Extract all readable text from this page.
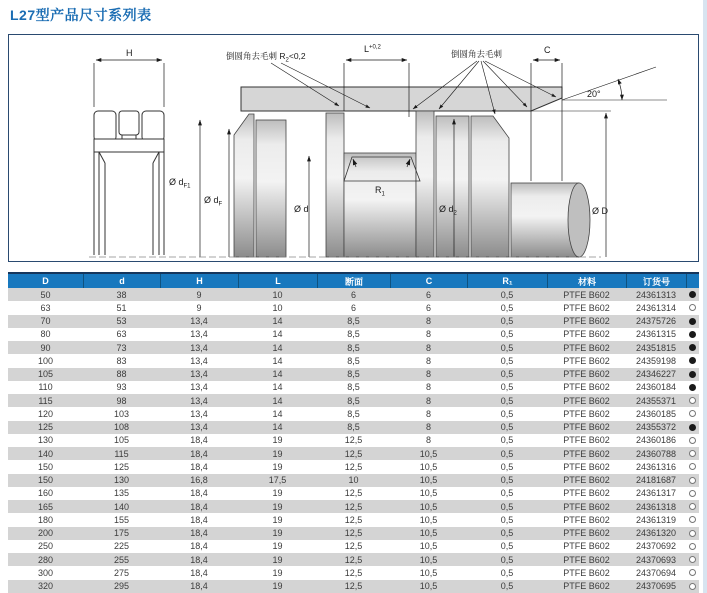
L27型产品尺寸系列表
H
20°
$R_1$
$L^{+0,2}$	C
倒圆角去毛刺 $R_2<0,2$	倒圆角去毛刺
Ø $d_{F1}$
Ø $d_F$	Ø d	Ø $d_2$	Ø D
D	d	H	L	断面	C	R₁	材料	订货号
50	38	9	10	6	6	0,5	PTFE B602	24361313
63	51	9	10	6	6	0,5	PTFE B602	24361314
70	53	13,4	14	8,5	8	0,5	PTFE B602	24375726
80	63	13,4	14	8,5	8	0,5	PTFE B602	24361315
90	73	13,4	14	8,5	8	0,5	PTFE B602	24351815
100	83	13,4	14	8,5	8	0,5	PTFE B602	24359198
105	88	13,4	14	8,5	8	0,5	PTFE B602	24346227
110	93	13,4	14	8,5	8	0,5	PTFE B602	24360184
115	98	13,4	14	8,5	8	0,5	PTFE B602	24355371
120	103	13,4	14	8,5	8	0,5	PTFE B602	24360185
125	108	13,4	14	8,5	8	0,5	PTFE B602	24355372
130	105	18,4	19	12,5	8	0,5	PTFE B602	24360186
140	115	18,4	19	12,5	10,5	0,5	PTFE B602	24360788
150	125	18,4	19	12,5	10,5	0,5	PTFE B602	24361316
150	130	16,8	17,5	10	10,5	0,5	PTFE B602	24181687
160	135	18,4	19	12,5	10,5	0,5	PTFE B602	24361317
165	140	18,4	19	12,5	10,5	0,5	PTFE B602	24361318
180	155	18,4	19	12,5	10,5	0,5	PTFE B602	24361319
200	175	18,4	19	12,5	10,5	0,5	PTFE B602	24361320
250	225	18,4	19	12,5	10,5	0,5	PTFE B602	24370692
280	255	18,4	19	12,5	10,5	0,5	PTFE B602	24370693
300	275	18,4	19	12,5	10,5	0,5	PTFE B602	24370694
320	295	18,4	19	12,5	10,5	0,5	PTFE B602	24370695
